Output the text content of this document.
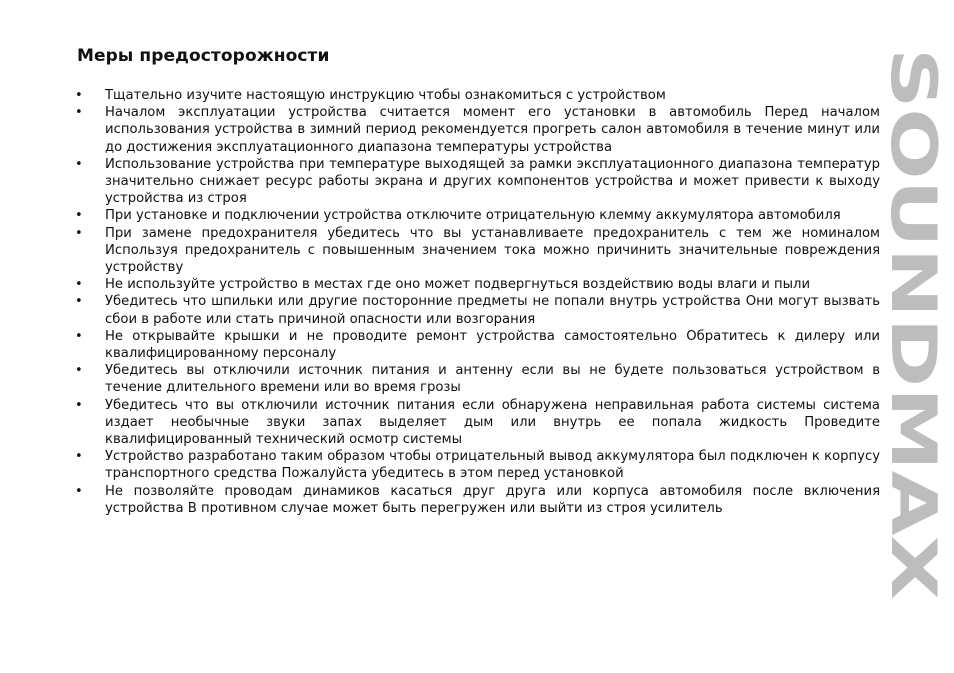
Меры предосторожности
• Тщательно изучите настоящую инструкцию чтобы ознакомиться с устройством
• Началом эксплуатации устройства считается момент его установки в автомобиль Перед началом использования устройства в зимний период рекомендуется прогреть салон автомобиля в течение минут или до достижения эксплуатационного диапазона температуры устройства
• Использование устройства при температуре выходящей за рамки эксплуатационного диапазона температур значительно снижает ресурс работы экрана и других компонентов устройства и может привести к выходу устройства из строя
• При установке и подключении устройства отключите отрицательную клемму аккумулятора автомобиля
• При замене предохранителя убедитесь что вы устанавливаете предохранитель с тем же номиналом Используя предохранитель с повышенным значением тока можно причинить значительные повреждения устройству
• Не используйте устройство в местах где оно может подвергнуться воздействию воды влаги и пыли
• Убедитесь что шпильки или другие посторонние предметы не попали внутрь устройства Они могут вызвать сбои в работе или стать причиной опасности или возгорания
• Не открывайте крышки и не проводите ремонт устройства самостоятельно Обратитесь к дилеру или квалифицированному персоналу
• Убедитесь вы отключили источник питания и антенну если вы не будете пользоваться устройством в течение длительного времени или во время грозы
• Убедитесь что вы отключили источник питания если обнаружена неправильная работа системы система издает необычные звуки запах выделяет дым или внутрь ее попала жидкость Проведите квалифицированный технический осмотр системы
• Устройство разработано таким образом чтобы отрицательный вывод аккумулятора был подключен к корпусу транспортного средства Пожалуйста убедитесь в этом перед установкой
• Не позволяйте проводам динамиков касаться друг друга или корпуса автомобиля после включения устройства В противном случае может быть перегружен или выйти из строя усилитель
SOUNDMAX
